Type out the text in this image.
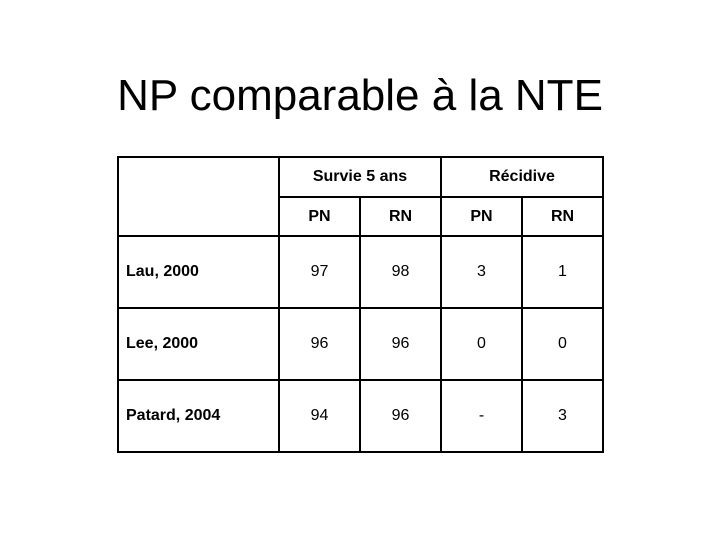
NP comparable à la NTE
	Survie 5 ans		Récidive	
	PN	RN	PN	RN
Lau, 2000	97	98	3	1
Lee, 2000	96	96	0	0
Patard, 2004	94	96	-	3
